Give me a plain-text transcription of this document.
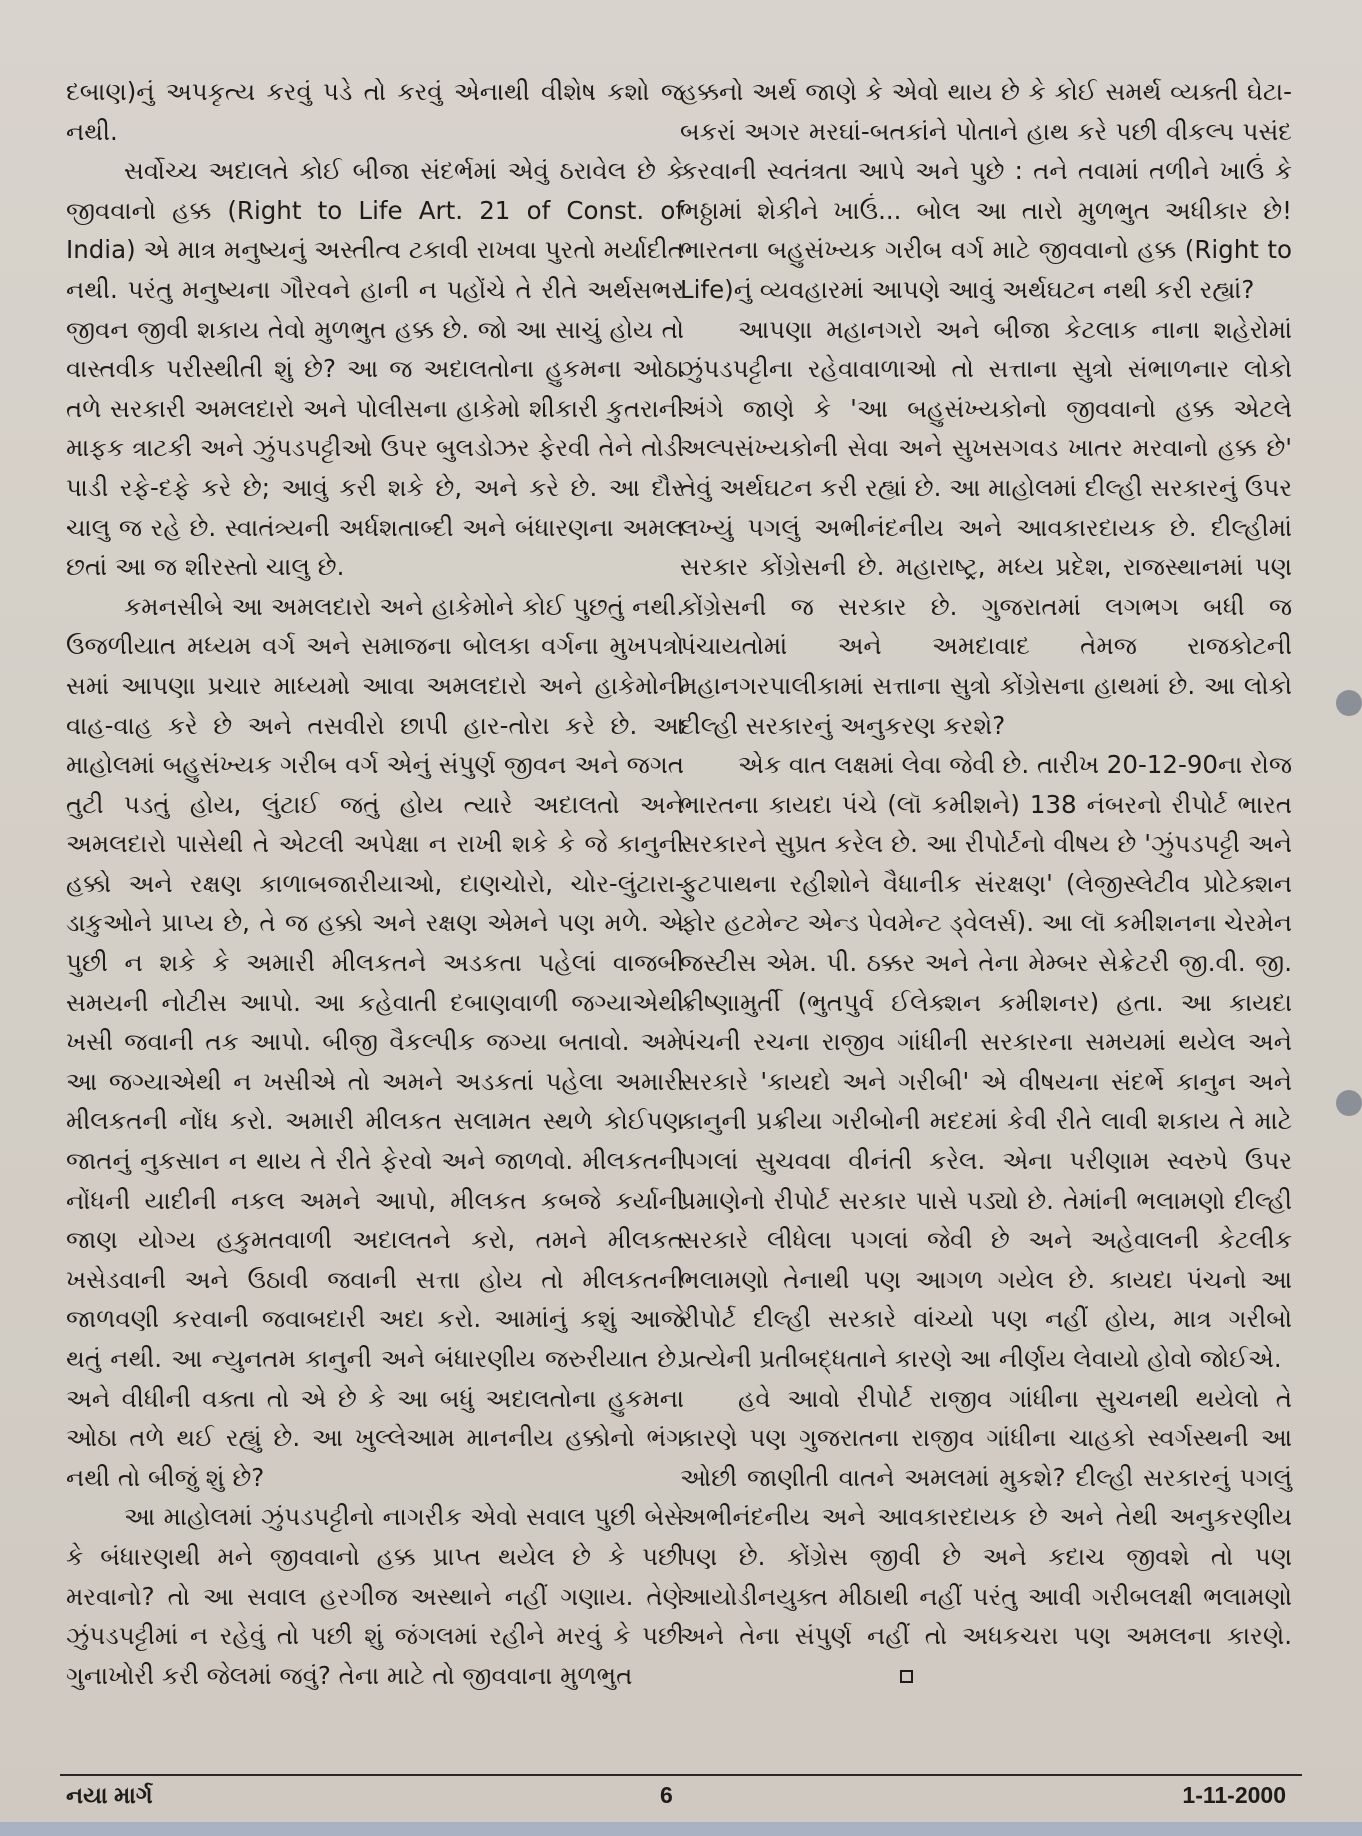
દબાણ)નું અપકૃત્ય કરવું પડે તો કરવું એનાથી વીશેષ કશો જ નથી.

સર્વોચ્ચ અદાલતે કોઈ બીજા સંદર્ભમાં એવું ઠરાવેલ છે કે જીવવાનો હક્ક (Right to Life Art. 21 of Const. of India) એ માત્ર મનુષ્યનું અસ્તીત્વ ટકાવી રાખવા પુરતો મર્યાદીત નથી. પરંતુ મનુષ્યના ગૌરવને હાની ન પહોંચે તે રીતે અર્થસભર જીવન જીવી શકાય તેવો મુળભુત હક્ક છે. જો આ સાચું હોય તો વાસ્તવીક પરીસ્થીતી શું છે? આ જ અદાલતોના હુકમના ઓઠા તળે સરકારી અમલદારો અને પોલીસના હાકેમો શીકારી કુતરાની માફક ત્રાટકી અને ઝુંપડપટ્ટીઓ ઉપર બુલડોઝર ફેરવી તેને તોડી પાડી રફે-દફે કરે છે; આવું કરી શકે છે, અને કરે છે. આ દૌર ચાલુ જ રહે છે. સ્વાતંત્ર્યની અર્ધશતાબ્દી અને બંધારણના અમલ છતાં આ જ શીરસ્તો ચાલુ છે.

કમનસીબે આ અમલદારો અને હાકેમોને કોઈ પુછતું નથી. ઉજળીયાત મધ્યમ વર્ગ અને સમાજના બોલકા વર્ગના મુખપત્રો સમાં આપણા પ્રચાર માધ્યમો આવા અમલદારો અને હાકેમોની વાહ-વાહ કરે છે અને તસવીરો છાપી હાર-તોરા કરે છે. આ માહોલમાં બહુસંખ્યક ગરીબ વર્ગ એનું સંપુર્ણ જીવન અને જગત તુટી પડતું હોય, લુંટાઈ જતું હોય ત્યારે અદાલતો અને અમલદારો પાસેથી તે એટલી અપેક્ષા ન રાખી શકે કે જે કાનુની હક્કો અને રક્ષણ કાળાબજારીયાઓ, દાણચોરો, ચોર-લુંટારા-ડાકુઓને પ્રાપ્ય છે, તે જ હક્કો અને રક્ષણ એમને પણ મળે. એ પુછી ન શકે કે અમારી મીલકતને અડકતા પહેલાં વાજબી સમયની નોટીસ આપો. આ કહેવાતી દબાણવાળી જગ્યાએથી ખસી જવાની તક આપો. બીજી વૈકલ્પીક જગ્યા બતાવો. અમે આ જગ્યાએથી ન ખસીએ તો અમને અડકતાં પહેલા અમારી મીલકતની નોંધ કરો. અમારી મીલકત સલામત સ્થળે કોઈપણ જાતનું નુકસાન ન થાય તે રીતે ફેરવો અને જાળવો. મીલકતની નોંધની યાદીની નકલ અમને આપો, મીલકત કબજે કર્યાની જાણ યોગ્ય હકુમતવાળી અદાલતને કરો, તમને મીલકત ખસેડવાની અને ઉઠાવી જવાની સત્તા હોય તો મીલકતની જાળવણી કરવાની જવાબદારી અદા કરો. આમાંનું કશું આજે થતું નથી. આ ન્યુનતમ કાનુની અને બંધારણીય જરુરીયાત છે. અને વીધીની વક્તા તો એ છે કે આ બધું અદાલતોના હુકમના ઓઠા તળે થઈ રહ્યું છે. આ ખુલ્લેઆમ માનનીય હક્કોનો ભંગ નથી તો બીજું શું છે?

આ માહોલમાં ઝુંપડપટ્ટીનો નાગરીક એવો સવાલ પુછી બેસે કે બંધારણથી મને જીવવાનો હક્ક પ્રાપ્ત થયેલ છે કે પછી મરવાનો? તો આ સવાલ હરગીજ અસ્થાને નહીં ગણાય. તેણે ઝુંપડપટ્ટીમાં ન રહેવું તો પછી શું જંગલમાં રહીને મરવું કે પછી ગુનાખોરી કરી જેલમાં જવું? તેના માટે તો જીવવાના મુળભુત

હક્કનો અર્થ જાણે કે એવો થાય છે કે કોઈ સમર્થ વ્યક્તી ઘેટા-બકરાં અગર મરઘાં-બતકાંને પોતાને હાથ કરે પછી વીકલ્પ પસંદ કરવાની સ્વતંત્રતા આપે અને પુછે : તને તવામાં તળીને ખાઉં કે ભઠ્ઠામાં શેકીને ખાઉં... બોલ આ તારો મુળભુત અધીકાર છે! ભારતના બહુસંખ્યક ગરીબ વર્ગ માટે જીવવાનો હક્ક (Right to Life)નું વ્યવહારમાં આપણે આવું અર્થઘટન નથી કરી રહ્યાં?

આપણા મહાનગરો અને બીજા કેટલાક નાના શહેરોમાં ઝુંપડપટ્ટીના રહેવાવાળાઓ તો સત્તાના સુત્રો સંભાળનાર લોકો અંગે જાણે કે 'આ બહુસંખ્યકોનો જીવવાનો હક્ક એટલે અલ્પસંખ્યકોની સેવા અને સુખસગવડ ખાતર મરવાનો હક્ક છે' તેવું અર્થઘટન કરી રહ્યાં છે. આ માહોલમાં દીલ્હી સરકારનું ઉપર લખ્યું પગલું અભીનંદનીય અને આવકારદાયક છે. દીલ્હીમાં સરકાર કોંગ્રેસની છે. મહારાષ્ટ્ર, મધ્ય પ્રદેશ, રાજસ્થાનમાં પણ કોંગ્રેસની જ સરકાર છે. ગુજરાતમાં લગભગ બધી જ પંચાયતોમાં અને અમદાવાદ તેમજ રાજકોટની મહાનગરપાલીકામાં સત્તાના સુત્રો કોંગ્રેસના હાથમાં છે. આ લોકો દીલ્હી સરકારનું અનુકરણ કરશે?

એક વાત લક્ષમાં લેવા જેવી છે. તારીખ 20-12-90ના રોજ ભારતના કાયદા પંચે (લૉ કમીશને) 138 નંબરનો રીપોર્ટ ભારત સરકારને સુપ્રત કરેલ છે. આ રીપોર્ટનો વીષય છે 'ઝુંપડપટ્ટી અને ફુટપાથના રહીશોને વૈધાનીક સંરક્ષણ' (લેજીસ્લેટીવ પ્રોટેક્શન ફોર હટમેન્ટ એન્ડ પેવમેન્ટ ડ્વેલર્સ). આ લૉ કમીશનના ચેરમેન જસ્ટીસ એમ. પી. ઠક્કર અને તેના મેમ્બર સેક્રેટરી જી.વી. જી. ક્રીષ્ણામુર્તી (ભુતપુર્વ ઈલેક્શન કમીશનર) હતા. આ કાયદા પંચની રચના રાજીવ ગાંધીની સરકારના સમયમાં થયેલ અને સરકારે 'કાયદો અને ગરીબી' એ વીષયના સંદર્ભે કાનુન અને કાનુની પ્રક્રીયા ગરીબોની મદદમાં કેવી રીતે લાવી શકાય તે માટે પગલાં સુચવવા વીનંતી કરેલ. એના પરીણામ સ્વરુપે ઉપર પ્રમાણેનો રીપોર્ટ સરકાર પાસે પડ્યો છે. તેમાંની ભલામણો દીલ્હી સરકારે લીધેલા પગલાં જેવી છે અને અહેવાલની કેટલીક ભલામણો તેનાથી પણ આગળ ગયેલ છે. કાયદા પંચનો આ રીપોર્ટ દીલ્હી સરકારે વાંચ્યો પણ નહીં હોય, માત્ર ગરીબો પ્રત્યેની પ્રતીબદ્ધતાને કારણે આ નીર્ણય લેવાયો હોવો જોઈએ.

હવે આવો રીપોર્ટ રાજીવ ગાંધીના સુચનથી થયેલો તે કારણે પણ ગુજરાતના રાજીવ ગાંધીના ચાહકો સ્વર્ગસ્થની આ ઓછી જાણીતી વાતને અમલમાં મુકશે? દીલ્હી સરકારનું પગલું અભીનંદનીય અને આવકારદાયક છે અને તેથી અનુકરણીય પણ છે. કોંગ્રેસ જીવી છે અને કદાચ જીવશે તો પણ આયોડીનયુક્ત મીઠાથી નહીં પરંતુ આવી ગરીબલક્ષી ભલામણો અને તેના સંપુર્ણ નહીં તો અધકચરા પણ અમલના કારણે.

નયા માર્ગ	6	1-11-2000
